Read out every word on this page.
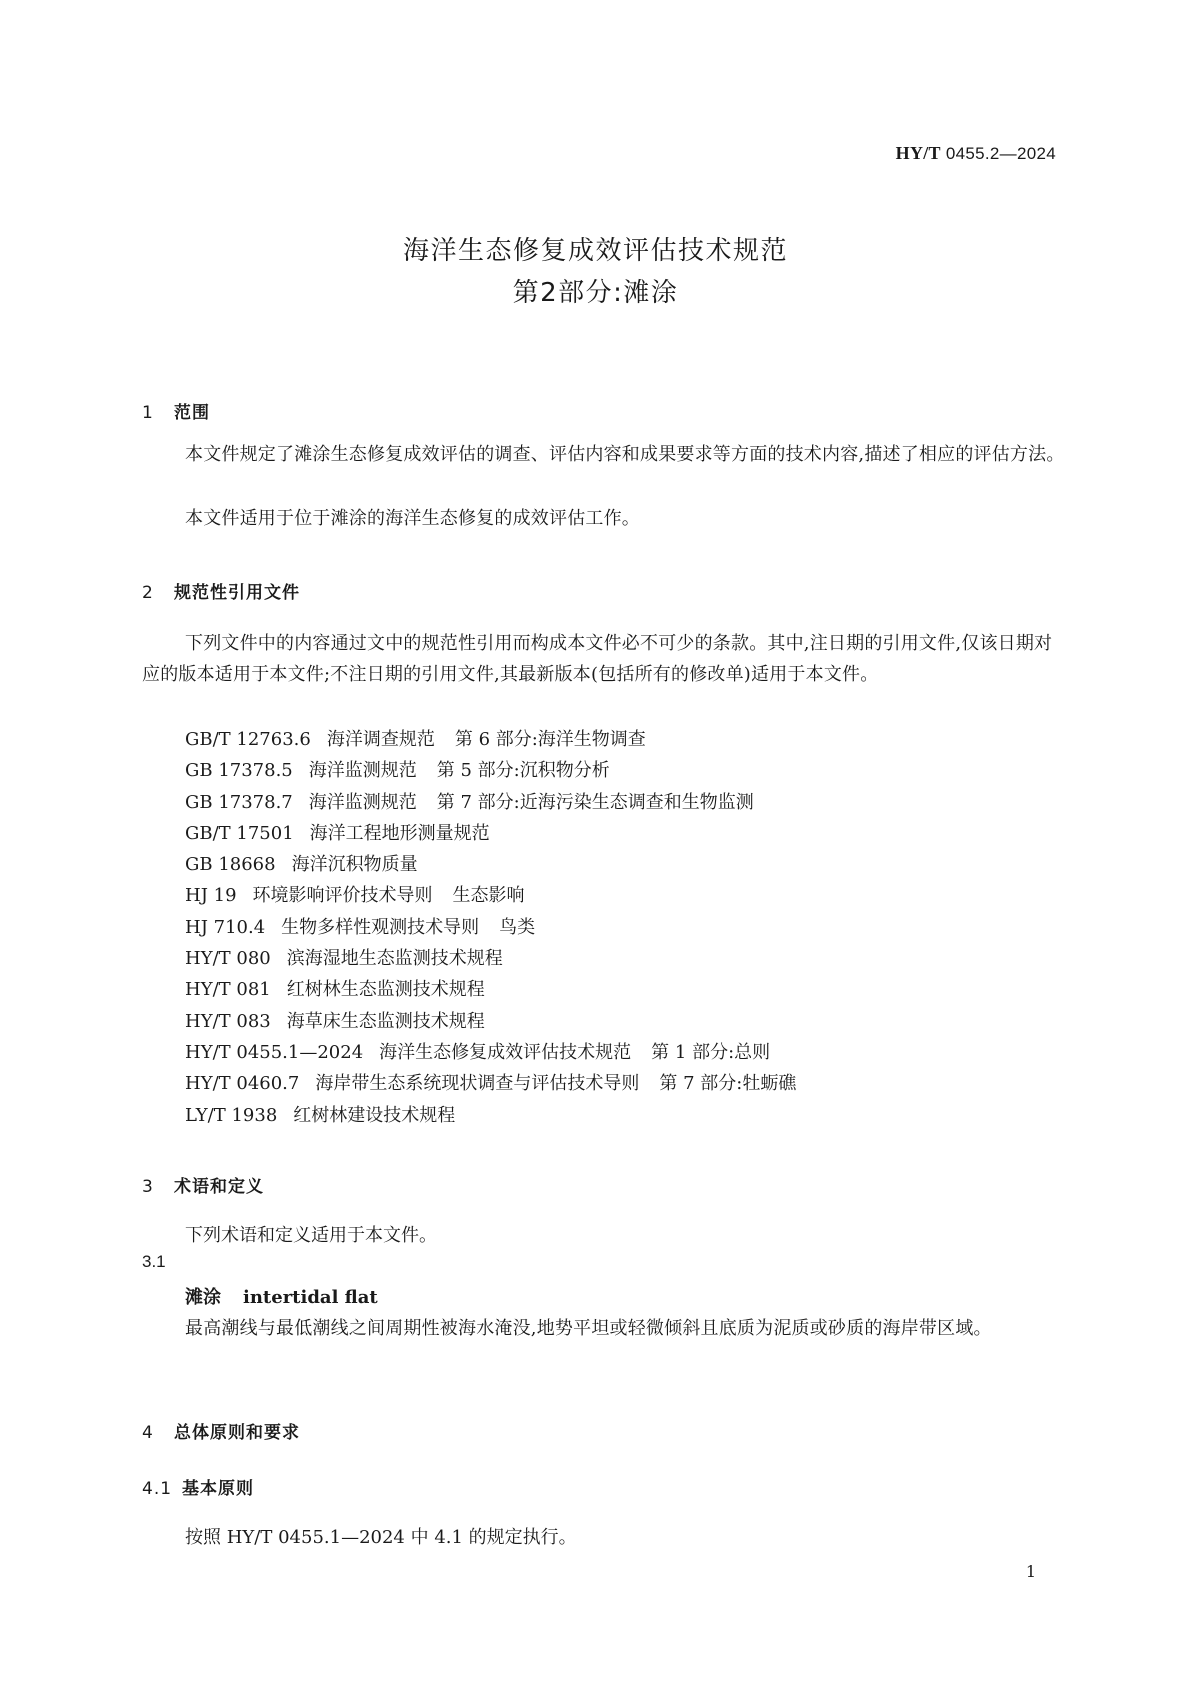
HY/T 0455.2—2024
海洋生态修复成效评估技术规范
第2部分:滩涂
1 范围
本文件规定了滩涂生态修复成效评估的调查、评估内容和成果要求等方面的技术内容,描述了相应的评估方法。
本文件适用于位于滩涂的海洋生态修复的成效评估工作。
2 规范性引用文件
下列文件中的内容通过文中的规范性引用而构成本文件必不可少的条款。其中,注日期的引用文件,仅该日期对应的版本适用于本文件;不注日期的引用文件,其最新版本(包括所有的修改单)适用于本文件。
GB/T 12763.6 海洋调查规范 第 6 部分:海洋生物调查
GB 17378.5 海洋监测规范 第 5 部分:沉积物分析
GB 17378.7 海洋监测规范 第 7 部分:近海污染生态调查和生物监测
GB/T 17501 海洋工程地形测量规范
GB 18668 海洋沉积物质量
HJ 19 环境影响评价技术导则 生态影响
HJ 710.4 生物多样性观测技术导则 鸟类
HY/T 080 滨海湿地生态监测技术规程
HY/T 081 红树林生态监测技术规程
HY/T 083 海草床生态监测技术规程
HY/T 0455.1—2024 海洋生态修复成效评估技术规范 第 1 部分:总则
HY/T 0460.7 海岸带生态系统现状调查与评估技术导则 第 7 部分:牡蛎礁
LY/T 1938 红树林建设技术规程
3 术语和定义
下列术语和定义适用于本文件。
3.1
滩涂 intertidal flat
最高潮线与最低潮线之间周期性被海水淹没,地势平坦或轻微倾斜且底质为泥质或砂质的海岸带区域。
4 总体原则和要求
4.1 基本原则
按照 HY/T 0455.1—2024 中 4.1 的规定执行。
1
